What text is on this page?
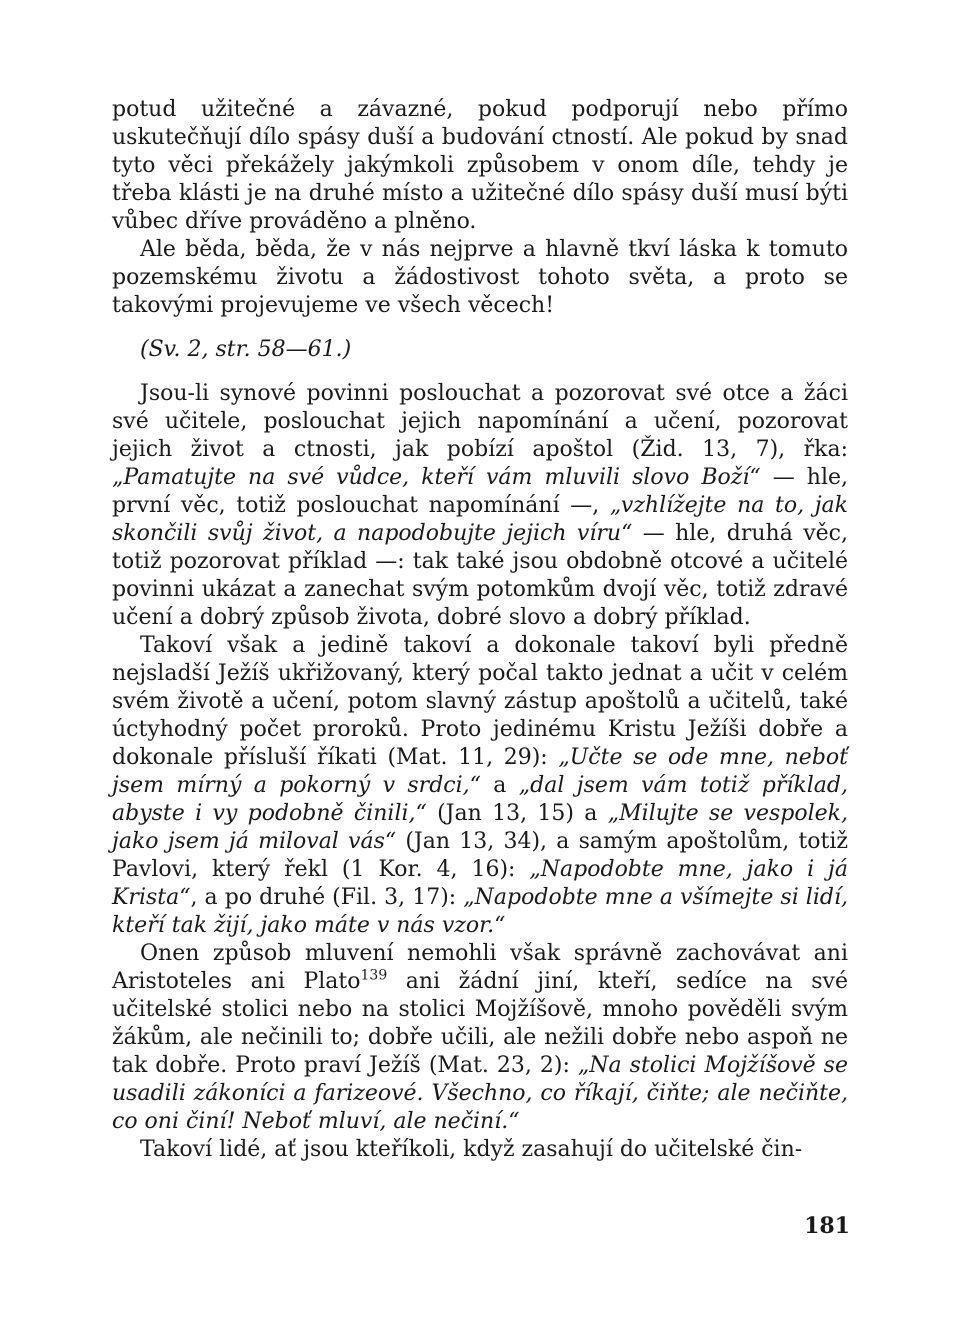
potud užitečné a závazné, pokud podporují nebo přímo uskutečňují dílo spásy duší a budování ctností. Ale pokud by snad tyto věci překážely jakýmkoli způsobem v onom díle, tehdy je třeba klásti je na druhé místo a užitečné dílo spásy duší musí býti vůbec dříve prováděno a plněno.

Ale běda, běda, že v nás nejprve a hlavně tkví láska k tomuto pozemskému životu a žádostivost tohoto světa, a proto se takovými projevujeme ve všech věcech!

(Sv. 2, str. 58—61.)

Jsou-li synové povinni poslouchat a pozorovat své otce a žáci své učitele, poslouchat jejich napomínání a učení, pozorovat jejich život a ctnosti, jak pobízí apoštol (Žid. 13, 7), řka: „Pamatujte na své vůdce, kteří vám mluvili slovo Boží“ — hle, první věc, totiž poslouchat napomínání —, „vzhlížejte na to, jak skončili svůj život, a napodobujte jejich víru“ — hle, druhá věc, totiž pozorovat příklad —: tak také jsou obdobně otcové a učitelé povinni ukázat a zanechat svým potomkům dvojí věc, totiž zdravé učení a dobrý způsob života, dobré slovo a dobrý příklad.

Takoví však a jedině takoví a dokonale takoví byli předně nejsladší Ježíš ukřižovaný, který počal takto jednat a učit v celém svém životě a učení, potom slavný zástup apoštolů a učitelů, také úctyhodný počet proroků. Proto jedinému Kristu Ježíši dobře a dokonale přísluší říkati (Mat. 11, 29): „Učte se ode mne, neboť jsem mírný a pokorný v srdci,“ a „dal jsem vám totiž příklad, abyste i vy podobně činili,“ (Jan 13, 15) a „Milujte se vespolek, jako jsem já miloval vás“ (Jan 13, 34), a samým apoštolům, totiž Pavlovi, který řekl (1 Kor. 4, 16): „Napodobte mne, jako i já Krista“, a po druhé (Fil. 3, 17): „Napodobte mne a všímejte si lidí, kteří tak žijí, jako máte v nás vzor.“

Onen způsob mluvení nemohli však správně zachovávat ani Aristoteles ani Plato$^{139}$ ani žádní jiní, kteří, sedíce na své učitelské stolici nebo na stolici Mojžíšově, mnoho pověděli svým žákům, ale nečinili to; dobře učili, ale nežili dobře nebo aspoň ne tak dobře. Proto praví Ježíš (Mat. 23, 2): „Na stolici Mojžíšově se usadili zákoníci a farizeové. Všechno, co říkají, čiňte; ale nečiňte, co oni činí! Neboť mluví, ale nečiní.“

Takoví lidé, ať jsou kteříkoli, když zasahují do učitelské čin-

181
